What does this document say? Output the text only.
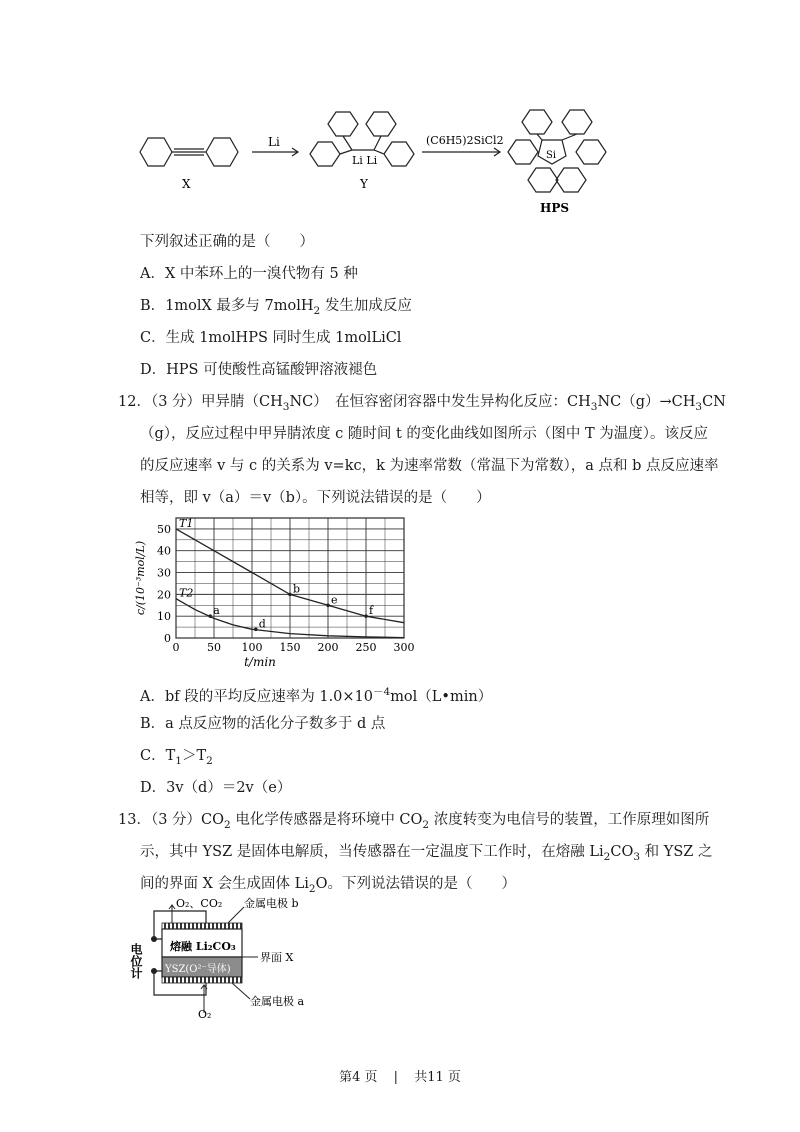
X
Li
Li Li
Y
(C6H5)2SiCl2
Si
HPS
下列叙述正确的是（　　）
A．X 中苯环上的一溴代物有 5 种
B．1molX 最多与 7molH$_2$ 发生加成反应
C．生成 1molHPS 同时生成 1molLiCl
D．HPS 可使酸性高锰酸钾溶液褪色
12．（3 分）甲异腈$(CH_3NC)$　在恒容密闭容器中发生异构化反应：$CH_3NC(g)\to CH_3CN$
（g），反应过程中甲异腈浓度 c 随时间 t 的变化曲线如图所示（图中 T 为温度）。该反应
的反应速率 v 与 c 的关系为 v=kc，k 为速率常数（常温下为常数），a 点和 b 点反应速率
相等，即 v（a）＝v（b）。下列说法错误的是（　　）
T1
T2
0	50 100 150 200 250 300
0
10
20
30
40
50
a
b
d
e
f
t/min
c/(10⁻³mol/L)
A．bf 段的平均反应速率为 $1.0\times 10^{-4}mol(L•\min)$
B．a 点反应物的活化分子数多于 d 点
C．$T_1>T_2$
D．3v（d）＝2v（e）
13．（3 分）$CO_2$ 电化学传感器是将环境中 $CO_2$ 浓度转变为电信号的装置，工作原理如图所
示，其中 YSZ 是固体电解质，当传感器在一定温度下工作时，在熔融 $Li_2CO_3$ 和 YSZ 之
间的界面 X 会生成固体 $Li_2O$。下列说法错误的是（　　）
O₂、CO₂ 金属电极 b
熔融 Li₂CO₃
YSZ(O²⁻导体)
界面 X
电位计
O₂
金属电极 a
第4 页 | 共11 页
